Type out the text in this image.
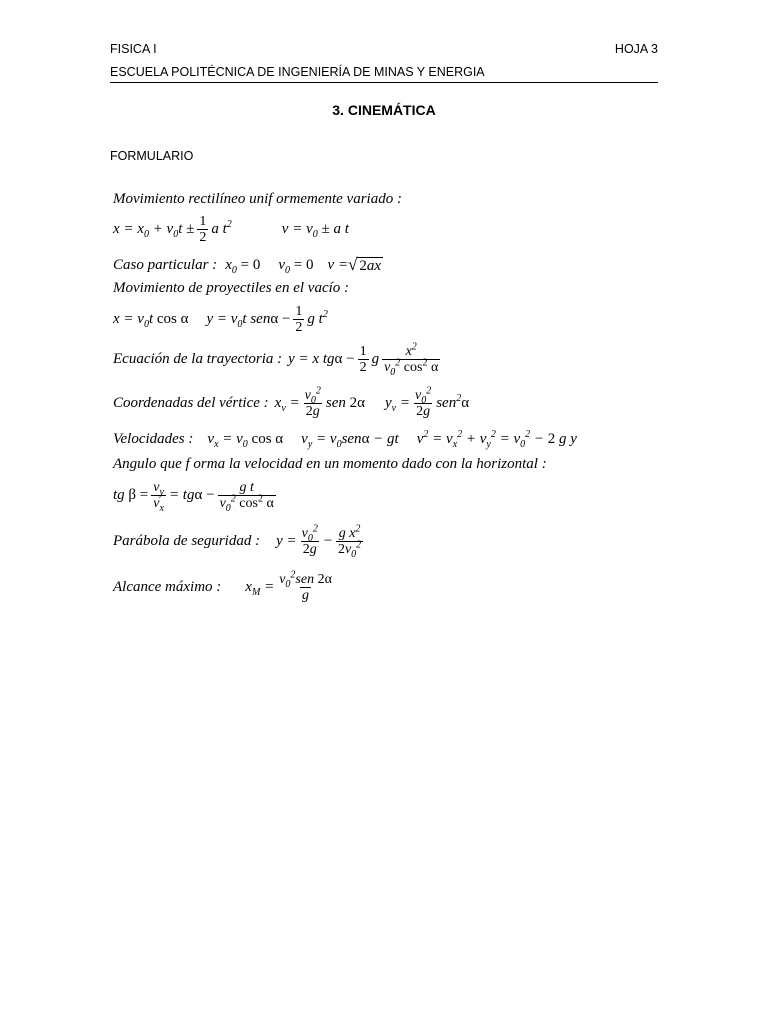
FISICA I	HOJA 3
ESCUELA POLITÉCNICA DE INGENIERÍA DE MINAS Y ENERGIA
3. CINEMÁTICA
FORMULARIO
Movimiento rectilíneo unif ormemente variado :
$x = x_0 + v_0t \pm \frac{1}{2}$ a $t^2$	$v = v_0 \pm a$ t
Caso particular : $x_0 = 0$ $v_0 = 0$ v = √ 2ax
Movimiento de proyectiles en el vacío :
$x = v_0t$ cos α $y = v_0t$ $sen\alpha - \frac{1}{2}$ g $t^2$
Ecuación de la trayectoria : y = x $tg\alpha - \frac{1}{2}$ g $\frac{x^2}{v_0^2 \cos^2 \alpha}$
Coordenadas del vértice : $x_v = \frac{v_0^2}{2g}$ sen 2α $y_v = \frac{v_0^2}{2g} sen^2\alpha$
Velocidades : $v_x = v_0$ cos α $v_y = v_0sen\alpha$ − gt $v^2 = v_x^2 + v_y^2 = v_0^2 - 2$ g y
Angulo que f orma la velocidad en un momento dado con la horizontal :
tg $\beta = \frac{v_y}{v_x} = tg\alpha - \frac{\text{g t}}{v_0^2 \cos^2 \alpha}$
Parábola de seguridad : $y = \frac{v_0^2}{2g} - \frac{g x^2}{2v_0^2}$
Alcance máximo : $x_M = \frac{v_0^2sen 2\alpha}{g}$
